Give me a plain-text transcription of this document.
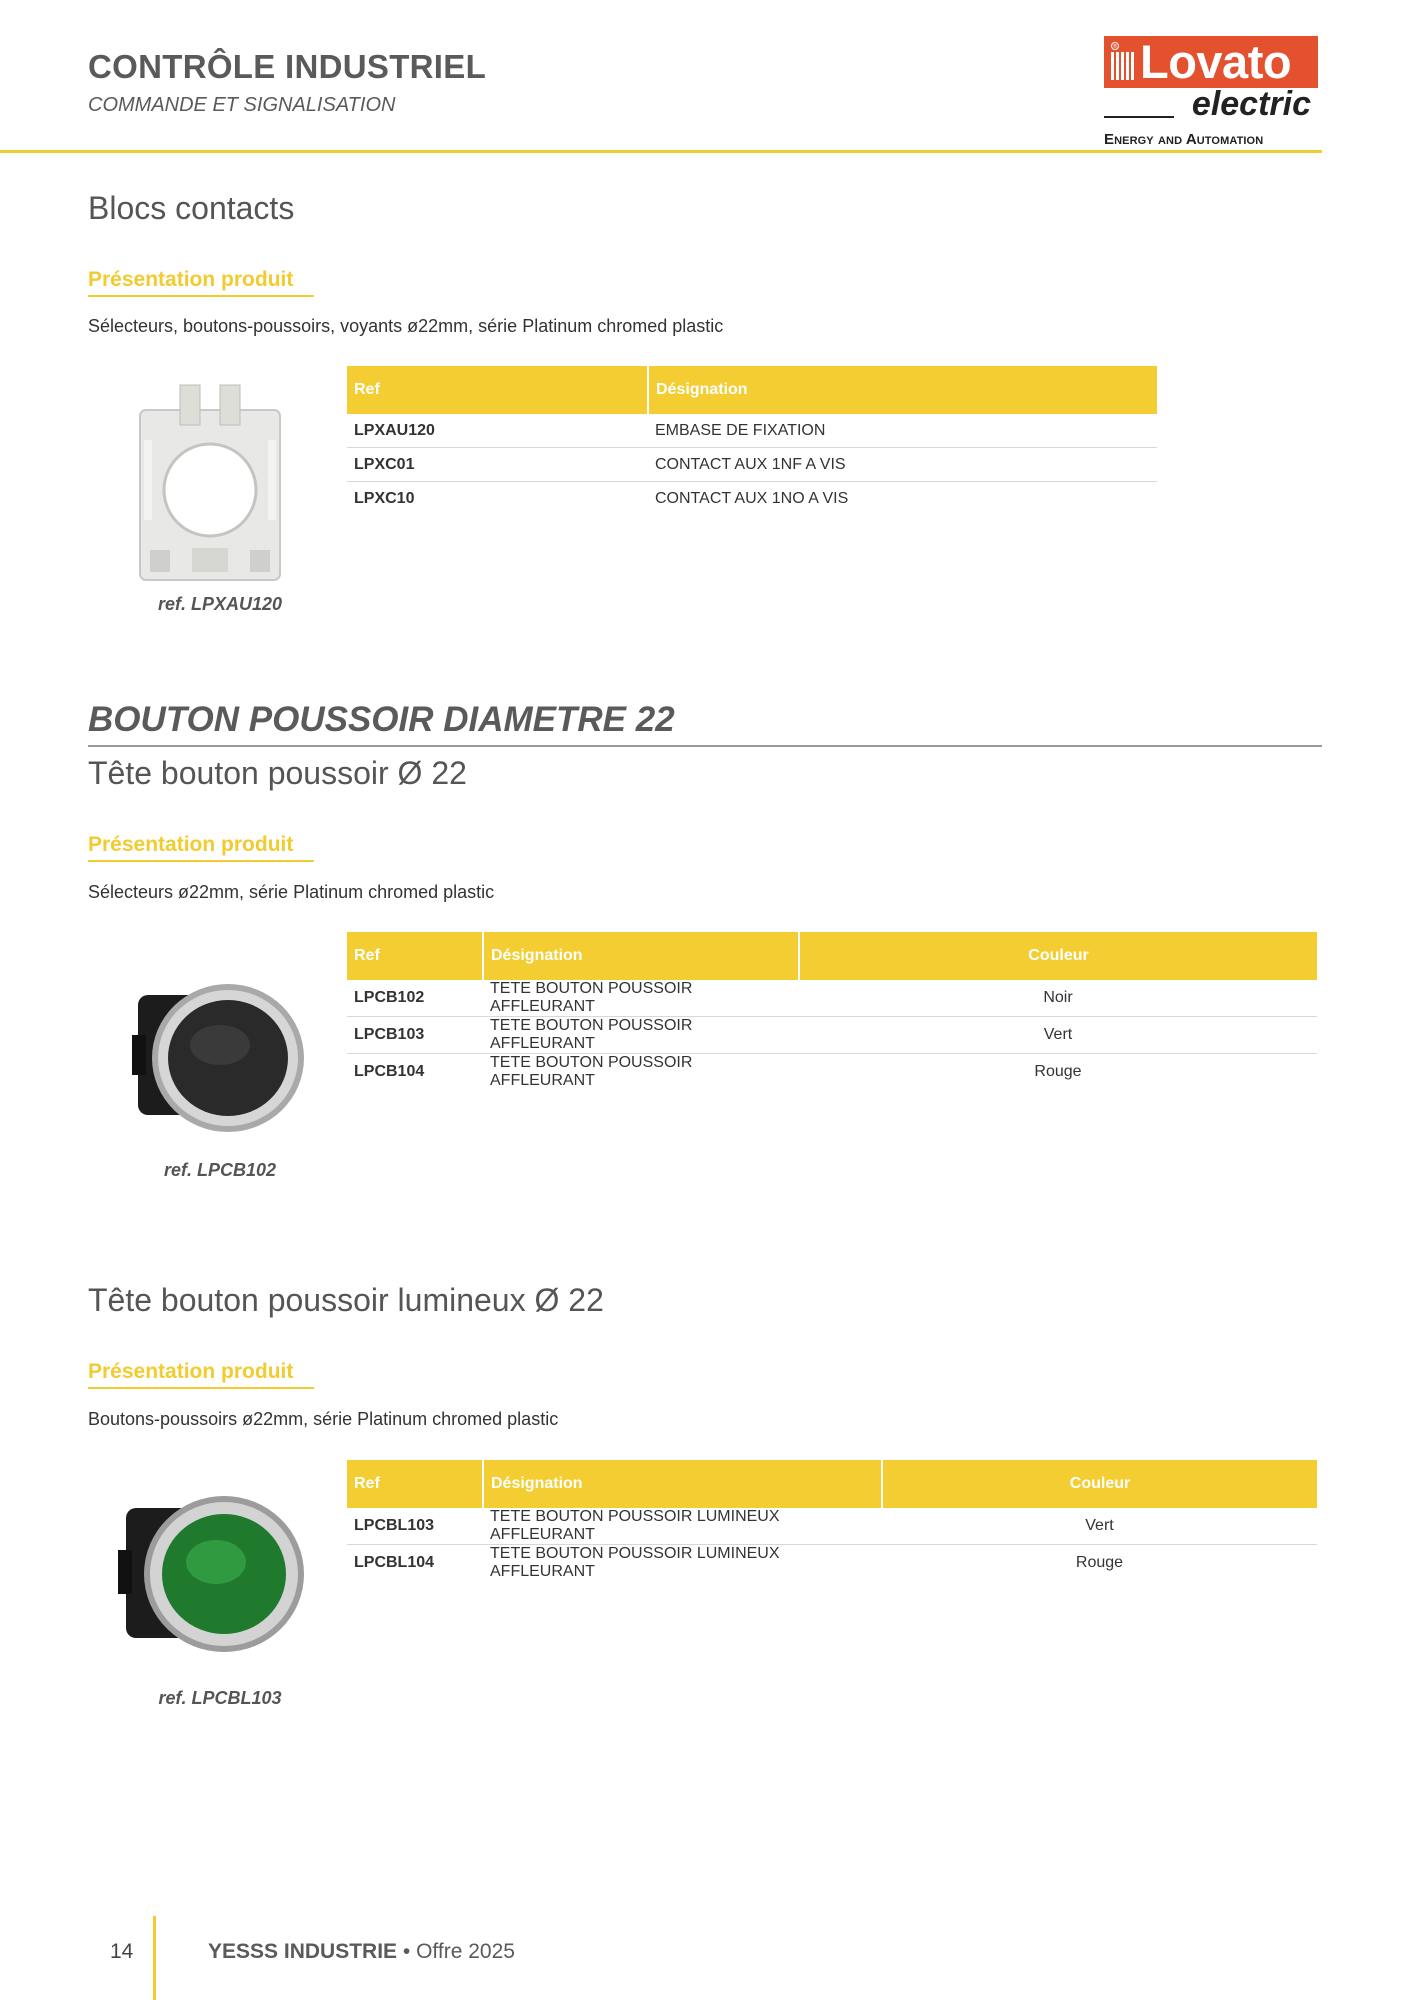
CONTRÔLE INDUSTRIEL
COMMANDE ET SIGNALISATION
® Lovato
electric
Energy and Automation
Blocs contacts
Présentation produit
Sélecteurs, boutons-poussoirs, voyants ø22mm, série Platinum chromed plastic
ref. LPXAU120
Ref	Désignation
LPXAU120	EMBASE DE FIXATION
LPXC01	CONTACT AUX 1NF A VIS
LPXC10	CONTACT AUX 1NO A VIS
BOUTON POUSSOIR DIAMETRE 22
Tête bouton poussoir Ø 22
Présentation produit
Sélecteurs ø22mm, série Platinum chromed plastic
ref. LPCB102
Ref	Désignation	Couleur
LPCB102	TETE BOUTON POUSSOIR AFFLEURANT	Noir
LPCB103	TETE BOUTON POUSSOIR AFFLEURANT	Vert
LPCB104	TETE BOUTON POUSSOIR AFFLEURANT	Rouge
Tête bouton poussoir lumineux Ø 22
Présentation produit
Boutons-poussoirs ø22mm, série Platinum chromed plastic
ref. LPCBL103
Ref	Désignation	Couleur
LPCBL103	TETE BOUTON POUSSOIR LUMINEUX AFFLEURANT	Vert
LPCBL104	TETE BOUTON POUSSOIR LUMINEUX AFFLEURANT	Rouge
14	YESSS INDUSTRIE • Offre 2025
